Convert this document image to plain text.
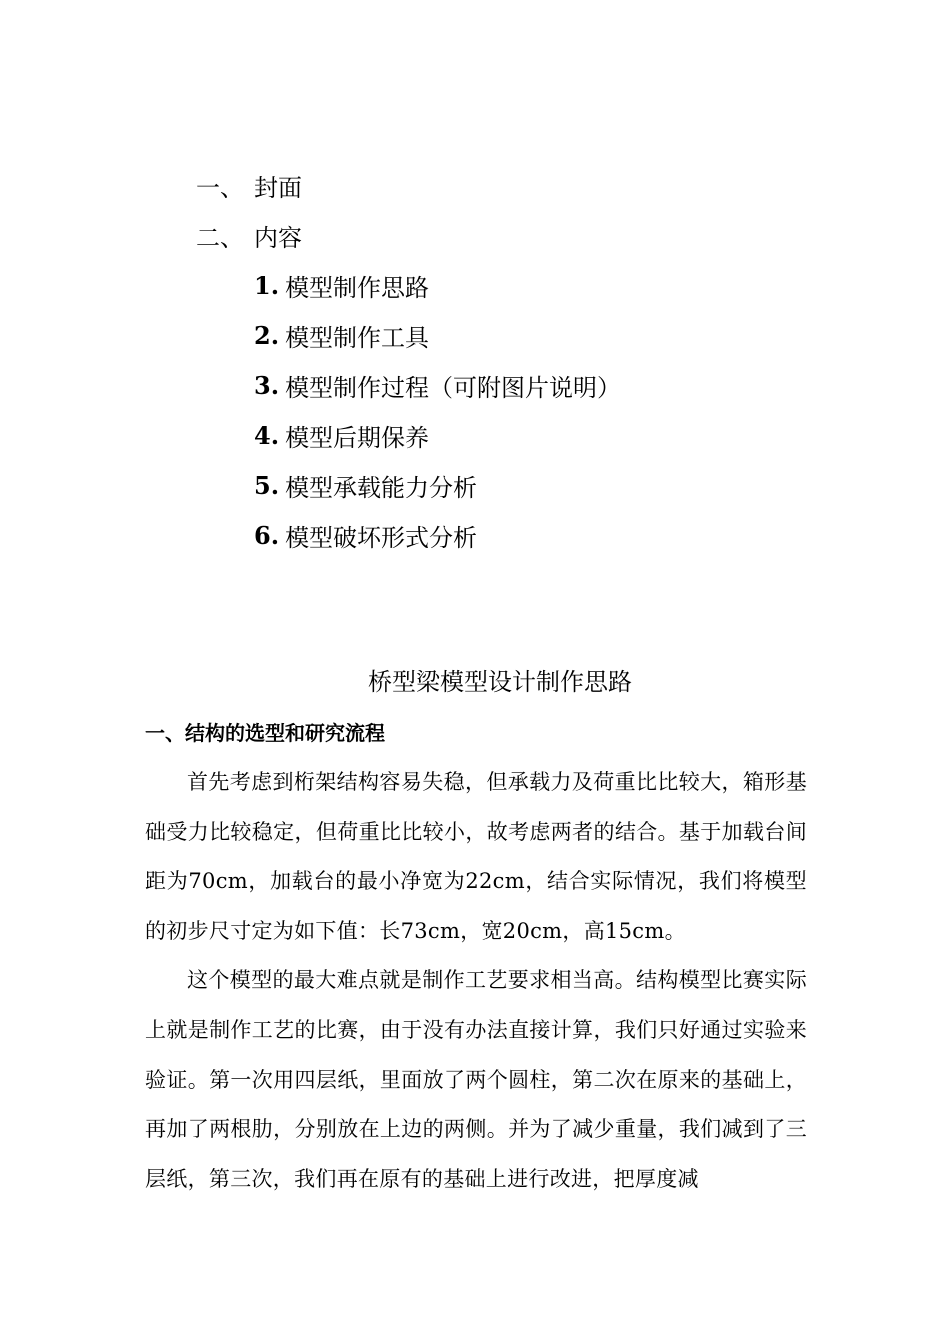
一、 封面
二、 内容
1. 模型制作思路
2. 模型制作工具
3. 模型制作过程（可附图片说明）
4. 模型后期保养
5. 模型承载能力分析
6. 模型破坏形式分析
桥型梁模型设计制作思路
一、结构的选型和研究流程

首先考虑到桁架结构容易失稳，但承载力及荷重比比较大，箱形基础受力比较稳定，但荷重比比较小，故考虑两者的结合。基于加载台间距为70cm，加载台的最小净宽为22cm，结合实际情况，我们将模型的初步尺寸定为如下值：长73cm，宽20cm，高15cm。

这个模型的最大难点就是制作工艺要求相当高。结构模型比赛实际上就是制作工艺的比赛，由于没有办法直接计算，我们只好通过实验来验证。第一次用四层纸，里面放了两个圆柱，第二次在原来的基础上，再加了两根肋，分别放在上边的两侧。并为了减少重量，我们减到了三层纸，第三次，我们再在原有的基础上进行改进，把厚度减
